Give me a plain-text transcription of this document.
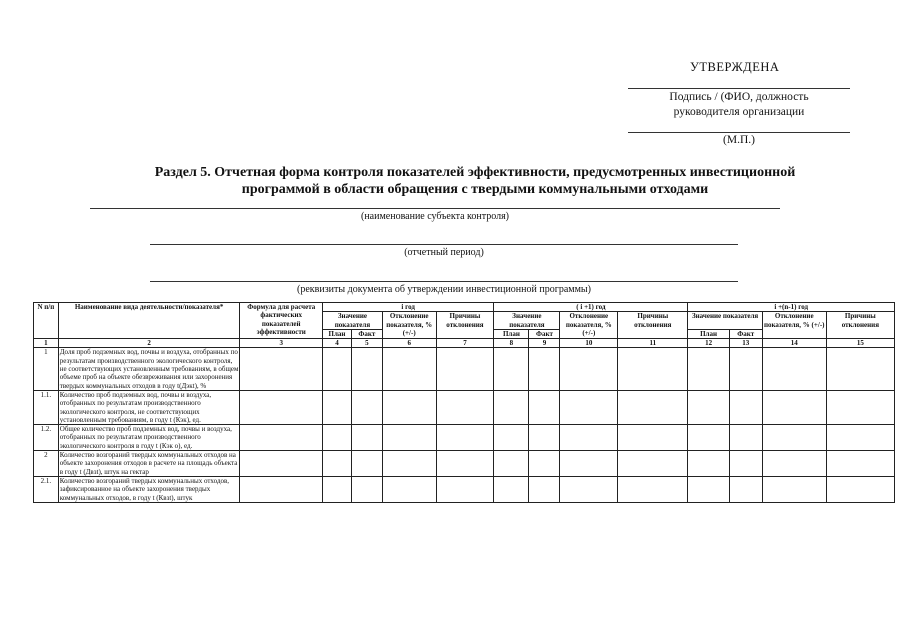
УТВЕРЖДЕНА
Подпись / (ФИО, должность
руководителя организации
(М.П.)
Раздел 5. Отчетная форма контроля показателей эффективности, предусмотренных инвестиционной
программой в области обращения с твердыми коммунальными отходами
(наименование субъекта контроля)
(отчетный период)
(реквизиты документа об утверждении инвестиционной программы)
N п/п	Наименование вида деятельности/показателя*	Формула для расчета фактических показателей эффективности	i год				( i +1) год				i +(n-1) год			
			Значение показателя		Отклонение показателя, % (+/-)	Причины отклонения	Значение показателя		Отклонение показателя, % (+/-)	Причины отклонения	Значение показателя		Отклонение показателя, % (+/-)	Причины отклонения
			План	Факт			План	Факт			План	Факт		
1	2	3	4	5	6	7	8	9	10	11	12	13	14	15
1	Доля проб подземных вод, почвы и воздуха, отобранных по результатам производственного экологического контроля, не соответствующих установленным требованиям, в общем объеме проб на объекте обезвреживания или захоронения твердых коммунальных отходов в году t(Дэкt), %													
1.1.	Количество проб подземных вод, почвы и воздуха, отобранных по результатам производственного экологического контроля, не соответствующих установленным требованиям, в году t (Кэк), ед.													
1.2.	Общее количество проб подземных вод, почвы и воздуха, отобранных по результатам производственного экологического контроля в году t (Кэк о), ед.													
2	Количество возгораний твердых коммунальных отходов на объекте захоронения отходов в расчете на площадь объекта в году t (Двзt), штук на гектар													
2.1.	Количество возгораний твердых коммунальных отходов, зафиксированное на объекте захоронения твердых коммунальных отходов, в году t (Квзt), штук													
